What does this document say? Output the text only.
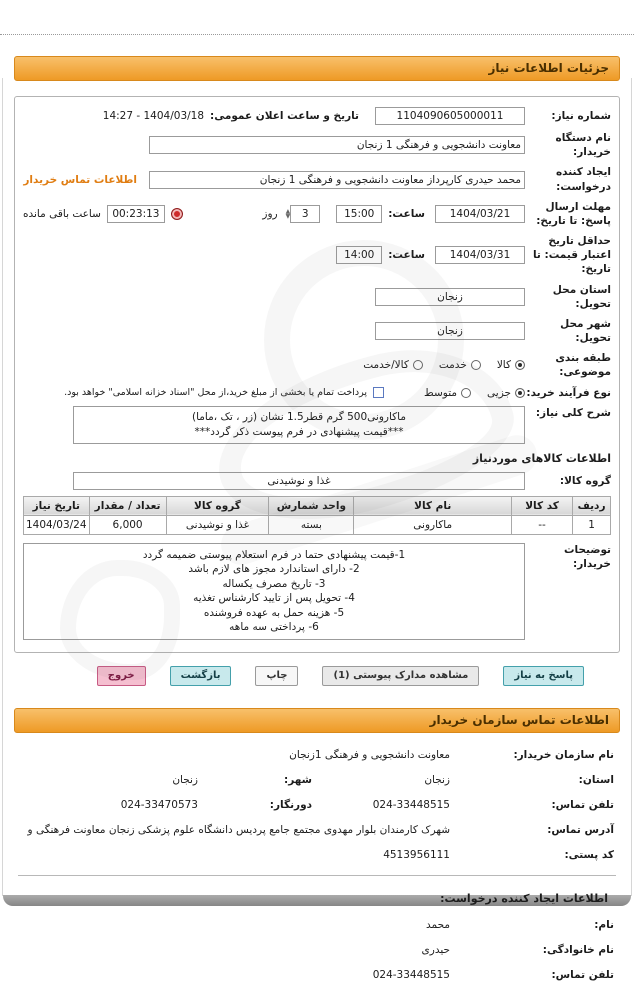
جزئیات اطلاعات نیاز
شماره نیاز:
1104090605000011
تاریخ و ساعت اعلان عمومی:
1404/03/18 - 14:27
نام دستگاه خریدار:
معاونت دانشجویی و فرهنگی 1 زنجان
ایجاد کننده درخواست:
محمد حیدری کارپرداز معاونت دانشجویی و فرهنگی 1 زنجان
اطلاعات تماس خریدار
مهلت ارسال پاسخ: تا تاریخ:
1404/03/21
ساعت:
15:00
3
▲
▼
روز
00:23:13
ساعت باقی مانده
حداقل تاریخ اعتبار قیمت: تا تاریخ:
1404/03/31
ساعت:
14:00
استان محل تحویل:
زنجان
شهر محل تحویل:
زنجان
طبقه بندی موضوعی:
کالا
خدمت
کالا/خدمت
نوع فرآیند خرید:
جزیی
متوسط
پرداخت تمام یا بخشی از مبلغ خرید،از محل "اسناد خزانه اسلامی" خواهد بود.
شرح کلی نیاز:
ماکارونی500 گرم قطر1.5 نشان (زر ، تک ،ماما)
***قیمت پیشنهادی در فرم پیوست ذکر گردد***
اطلاعات کالاهای موردنیاز
گروه کالا:
غذا و نوشیدنی
ردیف	کد کالا	نام کالا	واحد شمارش	گروه کالا	تعداد / مقدار	تاریخ نیاز
1	--	ماکارونی	بسته	غذا و نوشیدنی	6,000	1404/03/24
توضیحات خریدار:
1-قیمت پیشنهادی حتما در فرم استعلام پیوستی ضمیمه گردد
2- دارای استاندارد مجوز های لازم باشد
3- تاریخ مصرف یکساله
4- تحویل پس از تایید کارشناس تغذیه
5- هزینه حمل به عهده فروشنده
6- پرداختی سه ماهه
پاسخ به نیاز
مشاهده مدارک پیوستی (1)
چاپ
بازگشت
خروج
اطلاعات تماس سازمان خریدار
نام سازمان خریدار:
معاونت دانشجویی و فرهنگی 1زنجان
استان:
زنجان
شهر:
زنجان
تلفن تماس:
024-33448515
دورنگار:
024-33470573
آدرس تماس:
شهرک کارمندان بلوار مهدوی مجتمع جامع پردیس دانشگاه علوم پزشکی زنجان معاونت فرهنگی و
کد پستی:
4513956111
اطلاعات ایجاد کننده درخواست:
نام:
محمد
نام خانوادگی:
حیدری
تلفن تماس:
024-33448515
